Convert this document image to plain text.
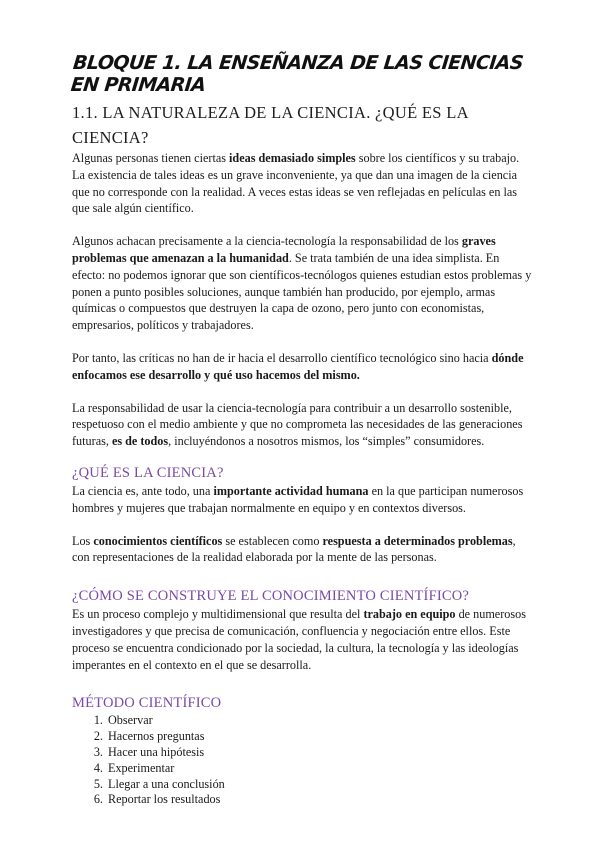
BLOQUE 1. LA ENSEÑANZA DE LAS CIENCIAS
EN PRIMARIA
1.1. LA NATURALEZA DE LA CIENCIA. ¿QUÉ ES LA CIENCIA?

Algunas personas tienen ciertas ideas demasiado simples sobre los científicos y su trabajo. La existencia de tales ideas es un grave inconveniente, ya que dan una imagen de la ciencia que no corresponde con la realidad. A veces estas ideas se ven reflejadas en películas en las que sale algún científico.

Algunos achacan precisamente a la ciencia-tecnología la responsabilidad de los graves problemas que amenazan a la humanidad. Se trata también de una idea simplista. En efecto: no podemos ignorar que son científicos-tecnólogos quienes estudian estos problemas y ponen a punto posibles soluciones, aunque también han producido, por ejemplo, armas químicas o compuestos que destruyen la capa de ozono, pero junto con economistas, empresarios, políticos y trabajadores.

Por tanto, las críticas no han de ir hacia el desarrollo científico tecnológico sino hacia dónde enfocamos ese desarrollo y qué uso hacemos del mismo.

La responsabilidad de usar la ciencia-tecnología para contribuir a un desarrollo sostenible, respetuoso con el medio ambiente y que no comprometa las necesidades de las generaciones futuras, es de todos, incluyéndonos a nosotros mismos, los “simples” consumidores.

¿QUÉ ES LA CIENCIA?

La ciencia es, ante todo, una importante actividad humana en la que participan numerosos hombres y mujeres que trabajan normalmente en equipo y en contextos diversos.

Los conocimientos científicos se establecen como respuesta a determinados problemas, con representaciones de la realidad elaborada por la mente de las personas.

¿CÓMO SE CONSTRUYE EL CONOCIMIENTO CIENTÍFICO?

Es un proceso complejo y multidimensional que resulta del trabajo en equipo de numerosos investigadores y que precisa de comunicación, confluencia y negociación entre ellos. Este proceso se encuentra condicionado por la sociedad, la cultura, la tecnología y las ideologías imperantes en el contexto en el que se desarrolla.

MÉTODO CIENTÍFICO
1. Observar
2. Hacernos preguntas
3. Hacer una hipótesis
4. Experimentar
5. Llegar a una conclusión
6. Reportar los resultados
